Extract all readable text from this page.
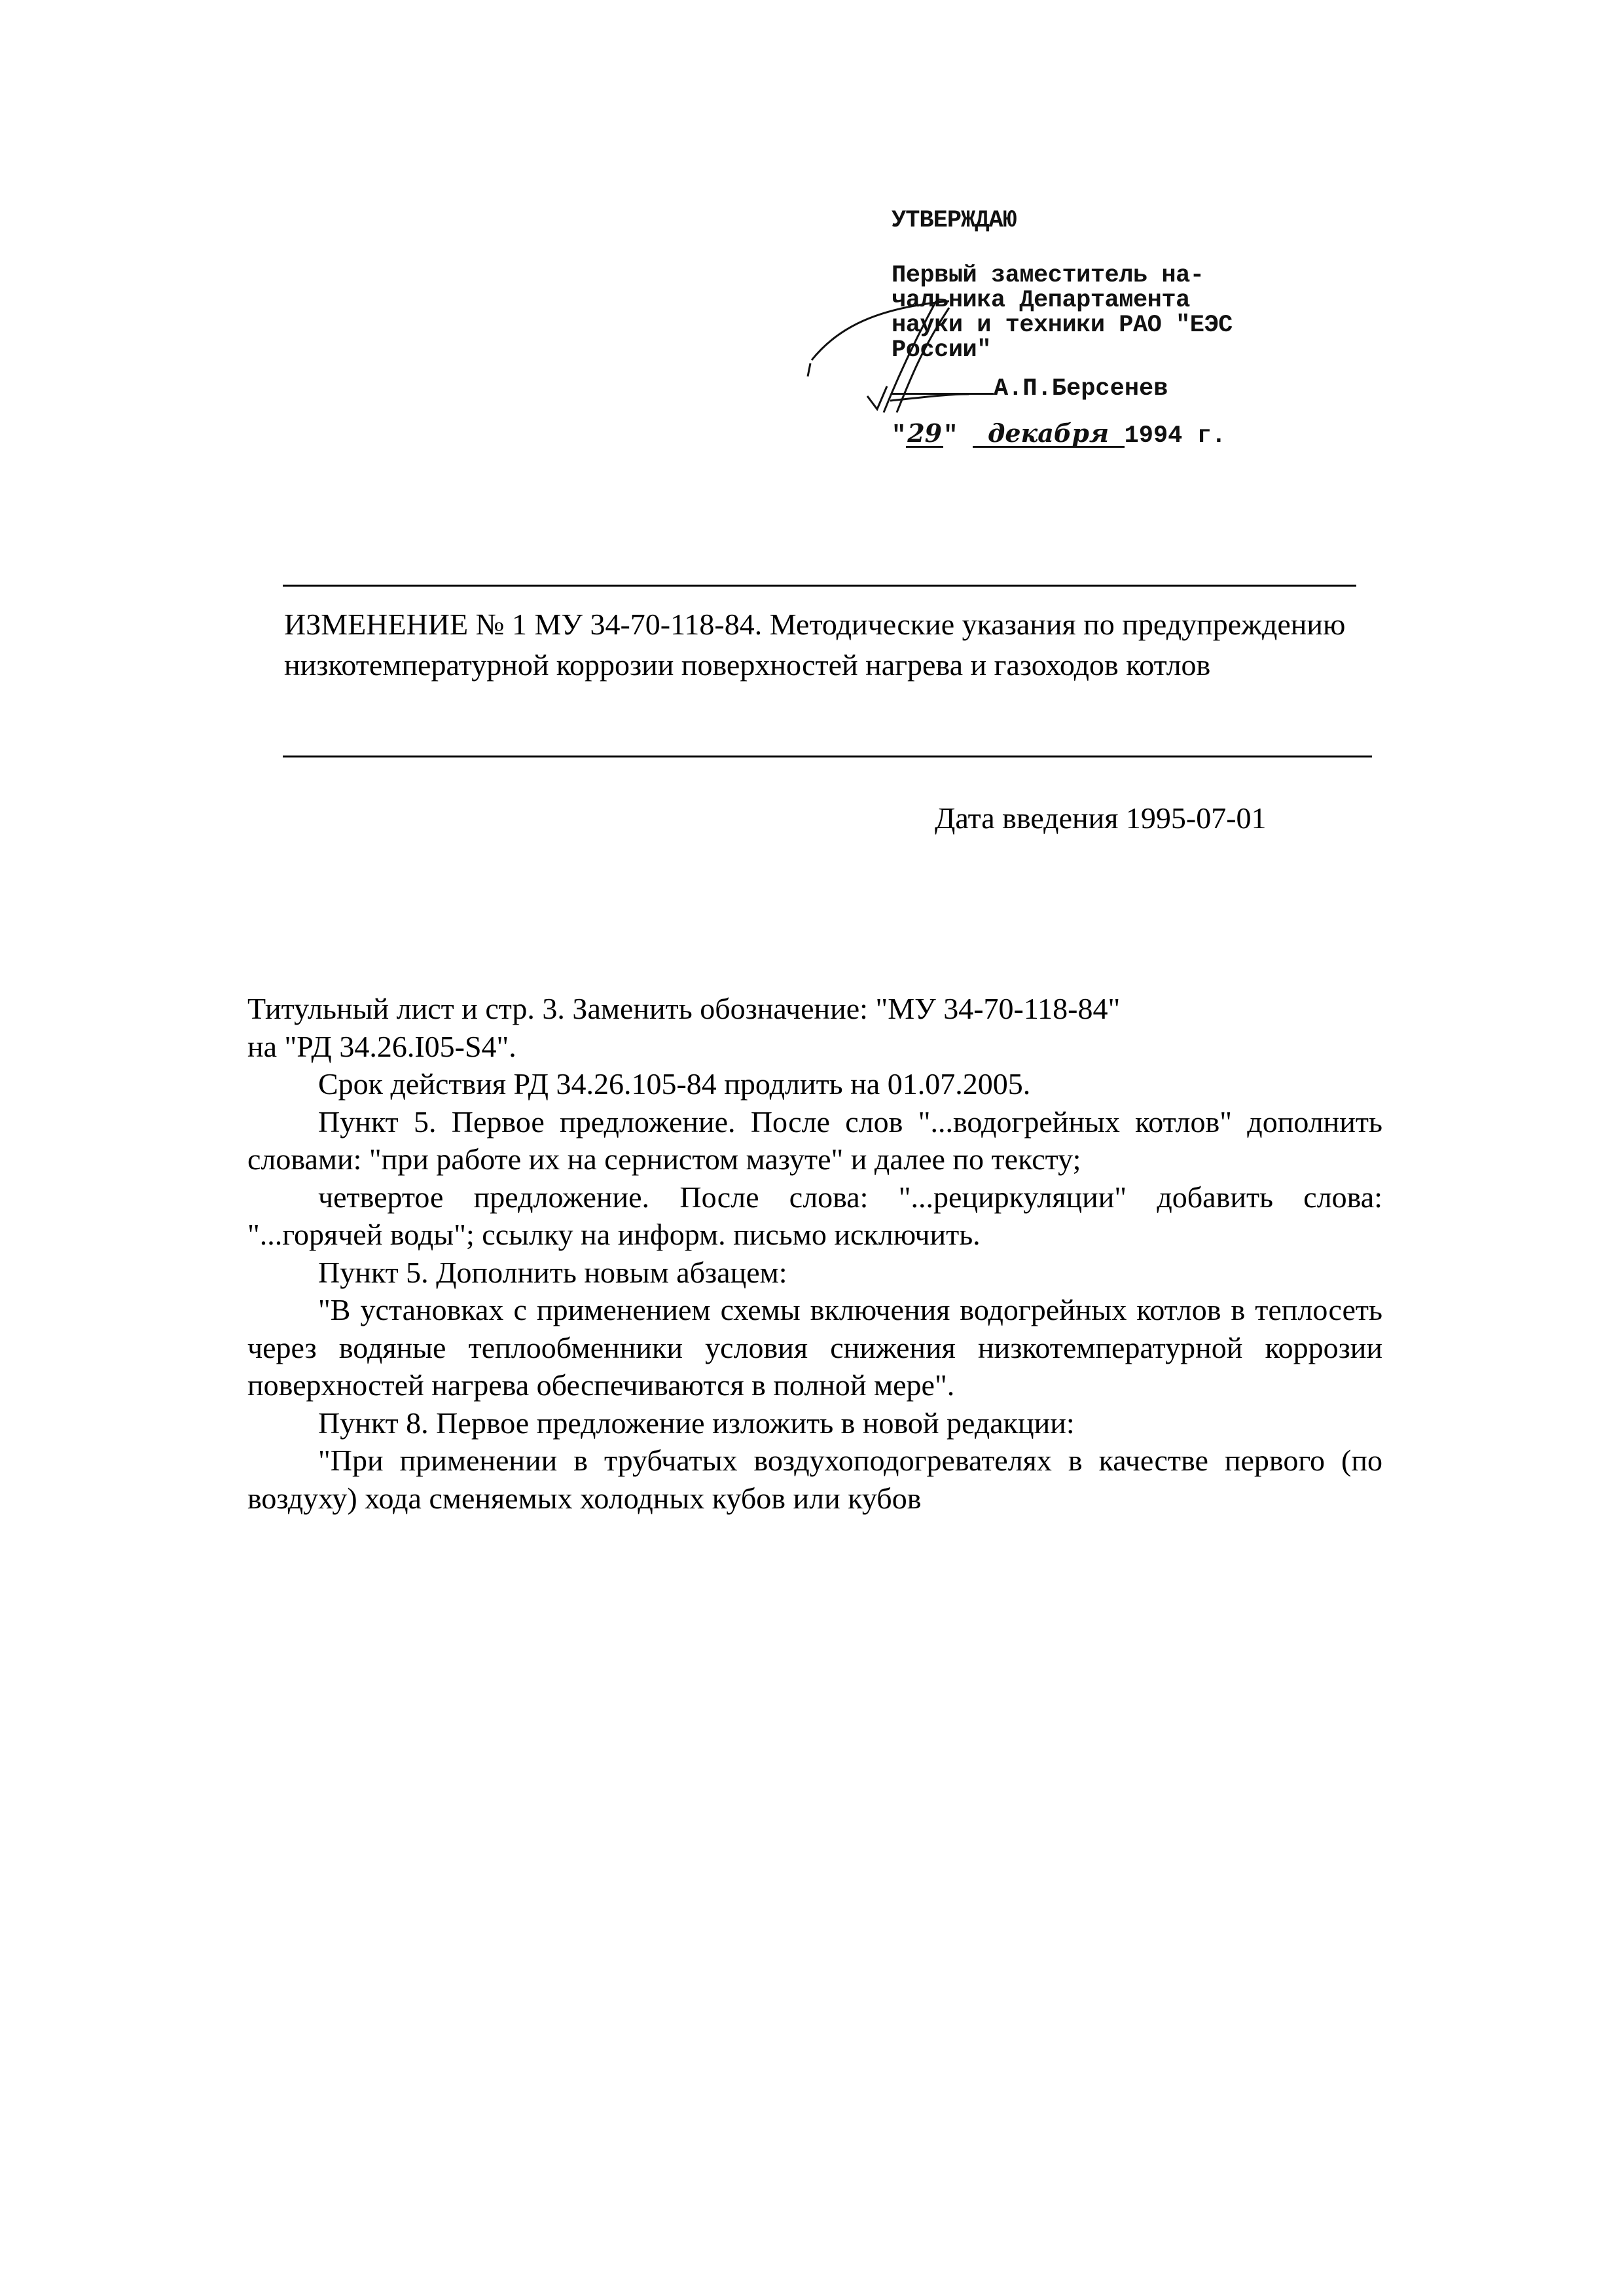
УТВЕРЖДАЮ
Первый заместитель на-
чальника Департамента
науки и техники РАО "ЕЭС
России"
А.П.Берсенев
"29" декабря 1994 г.
ИЗМЕНЕНИЕ № 1 МУ 34-70-118-84. Методические указания по предупреждению низкотемпературной коррозии поверхностей нагрева и газоходов котлов
Дата введения 1995-07-01

Титульный лист и стр. 3. Заменить обозначение: "МУ 34-70-118-84"
на "РД 34.26.I05-S4".

Срок действия РД 34.26.105-84 продлить на 01.07.2005.

Пункт 5. Первое предложение. После слов "...водогрейных котлов" дополнить словами: "при работе их на сернистом мазуте" и далее по тексту;

четвертое предложение. После слова: "...рециркуляции" добавить слова: "...горячей воды"; ссылку на информ. письмо исключить.

Пункт 5. Дополнить новым абзацем:

"В установках с применением схемы включения водогрейных котлов в теплосеть через водяные теплообменники условия снижения низкотемпературной коррозии поверхностей нагрева обеспечиваются в полной мере".

Пункт 8. Первое предложение изложить в новой редакции:

"При применении в трубчатых воздухоподогревателях в качестве первого (по воздуху) хода сменяемых холодных кубов или кубов
